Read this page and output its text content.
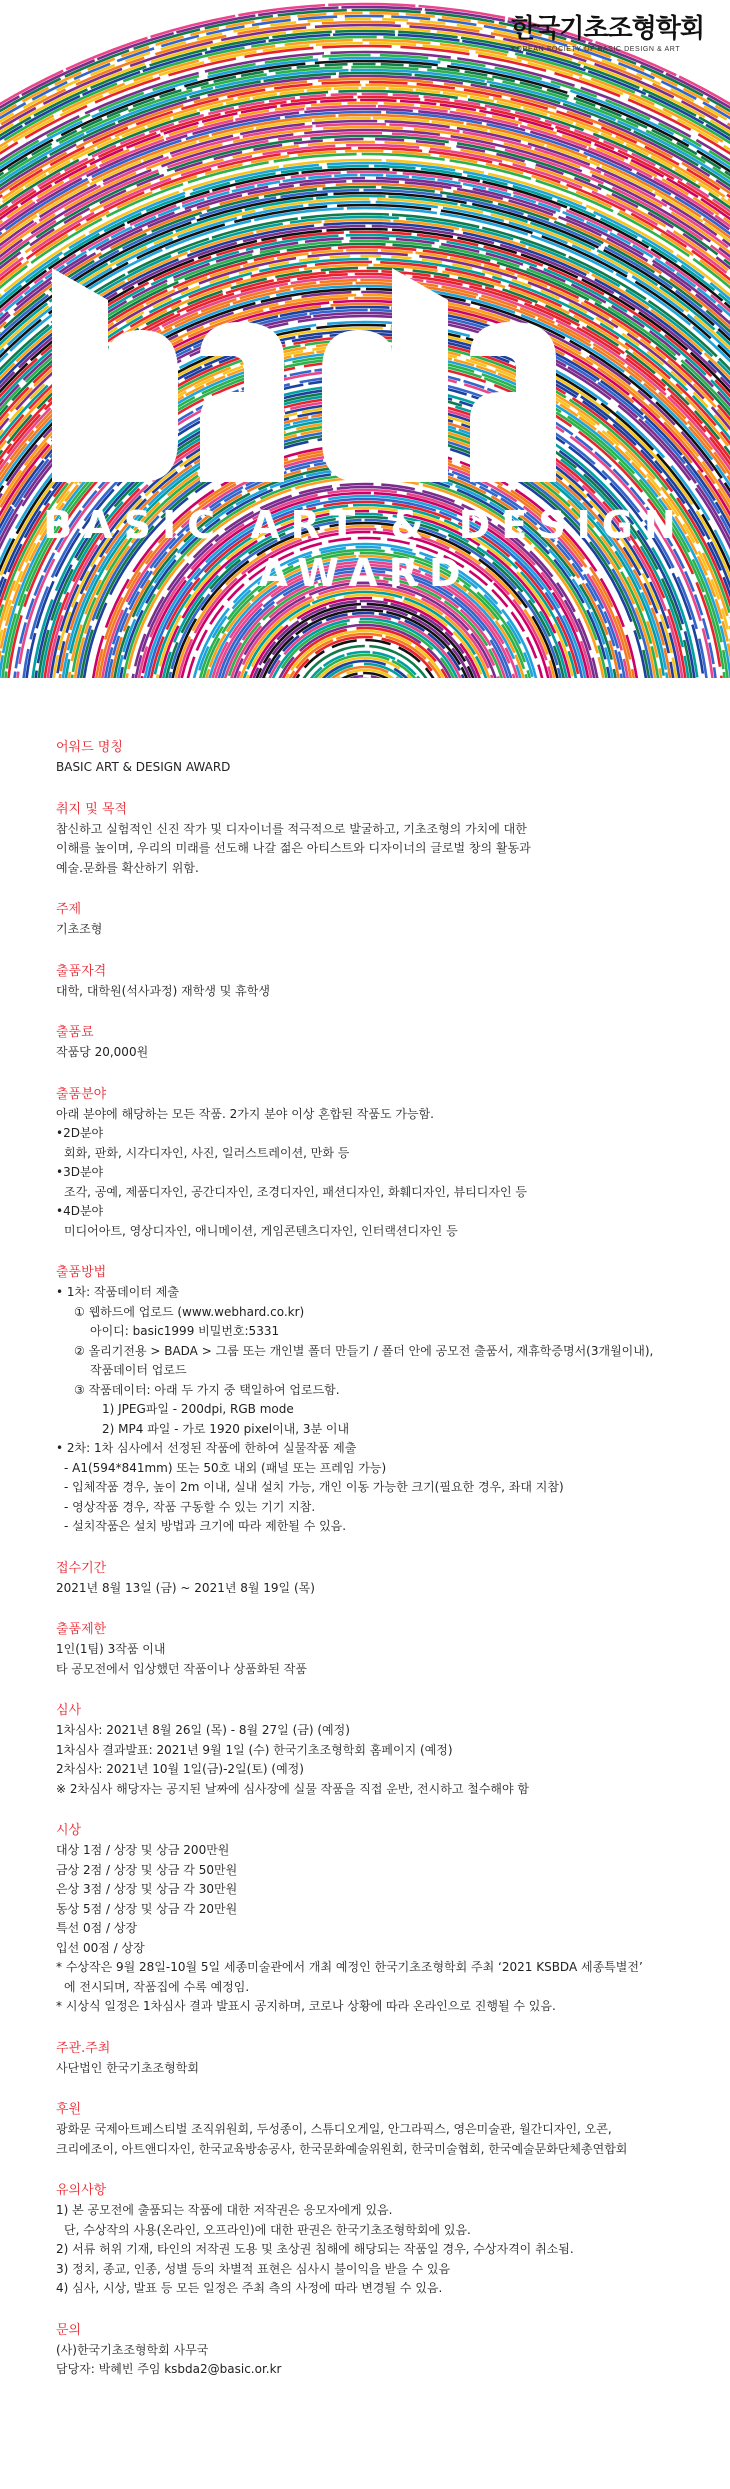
한국기초조형학회
KOREAN SOCIETY OF BASIC DESIGN & ART
BASIC ART & DESIGN AWARD
어워드 명칭
BASIC ART & DESIGN AWARD
취지 및 목적
참신하고 실험적인 신진 작가 및 디자이너를 적극적으로 발굴하고, 기초조형의 가치에 대한
이해를 높이며, 우리의 미래를 선도해 나갈 젊은 아티스트와 디자이너의 글로벌 창의 활동과
예술.문화를 확산하기 위함.
주제
기초조형
출품자격
대학, 대학원(석사과정) 재학생 및 휴학생
출품료
작품당 20,000원
출품분야
아래 분야에 해당하는 모든 작품. 2가지 분야 이상 혼합된 작품도 가능함.
•2D분야
회화, 판화, 시각디자인, 사진, 일러스트레이션, 만화 등
•3D분야
조각, 공예, 제품디자인, 공간디자인, 조경디자인, 패션디자인, 화훼디자인, 뷰티디자인 등
•4D분야
미디어아트, 영상디자인, 애니메이션, 게임콘텐츠디자인, 인터랙션디자인 등
출품방법
• 1차: 작품데이터 제출
① 웹하드에 업로드 (www.webhard.co.kr)
아이디: basic1999 비밀번호:5331
② 올리기전용 > BADA > 그룹 또는 개인별 폴더 만들기 / 폴더 안에 공모전 출품서, 재휴학증명서(3개월이내),
작품데이터 업로드
③ 작품데이터: 아래 두 가지 중 택일하여 업로드함.
1) JPEG파일 - 200dpi, RGB mode
2) MP4 파일 - 가로 1920 pixel이내, 3분 이내
• 2차: 1차 심사에서 선정된 작품에 한하여 실물작품 제출
- A1(594*841mm) 또는 50호 내외 (패널 또는 프레임 가능)
- 입체작품 경우, 높이 2m 이내, 실내 설치 가능, 개인 이동 가능한 크기(필요한 경우, 좌대 지참)
- 영상작품 경우, 작품 구동할 수 있는 기기 지참.
- 설치작품은 설치 방법과 크기에 따라 제한될 수 있음.
접수기간
2021년 8월 13일 (금) ~ 2021년 8월 19일 (목)
출품제한
1인(1팀) 3작품 이내
타 공모전에서 입상했던 작품이나 상품화된 작품
심사
1차심사: 2021년 8월 26일 (목) - 8월 27일 (금) (예정)
1차심사 결과발표: 2021년 9월 1일 (수) 한국기초조형학회 홈페이지 (예정)
2차심사: 2021년 10월 1일(금)-2일(토) (예정)
※ 2차심사 해당자는 공지된 날짜에 심사장에 실물 작품을 직접 운반, 전시하고 철수해야 함
시상
대상 1점 / 상장 및 상금 200만원
금상 2점 / 상장 및 상금 각 50만원
은상 3점 / 상장 및 상금 각 30만원
동상 5점 / 상장 및 상금 각 20만원
특선 0점 / 상장
입선 00점 / 상장
* 수상작은 9월 28일-10월 5일 세종미술관에서 개최 예정인 한국기초조형학회 주최 ‘2021 KSBDA 세종특별전’
에 전시되며, 작품집에 수록 예정임.
* 시상식 일정은 1차심사 결과 발표시 공지하며, 코로나 상황에 따라 온라인으로 진행될 수 있음.
주관.주최
사단법인 한국기초조형학회
후원
광화문 국제아트페스티벌 조직위원회, 두성종이, 스튜디오게일, 안그라픽스, 영은미술관, 월간디자인, 오콘,
크리에조이, 아트앤디자인, 한국교육방송공사, 한국문화예술위원회, 한국미술협회, 한국예술문화단체총연합회
유의사항
1) 본 공모전에 출품되는 작품에 대한 저작권은 응모자에게 있음.
단, 수상작의 사용(온라인, 오프라인)에 대한 판권은 한국기초조형학회에 있음.
2) 서류 허위 기재, 타인의 저작권 도용 및 초상권 침해에 해당되는 작품일 경우, 수상자격이 취소됨.
3) 정치, 종교, 인종, 성별 등의 차별적 표현은 심사시 불이익을 받을 수 있음
4) 심사, 시상, 발표 등 모든 일정은 주최 측의 사정에 따라 변경될 수 있음.
문의
(사)한국기초조형학회 사무국
담당자: 박혜빈 주임 ksbda2@basic.or.kr
